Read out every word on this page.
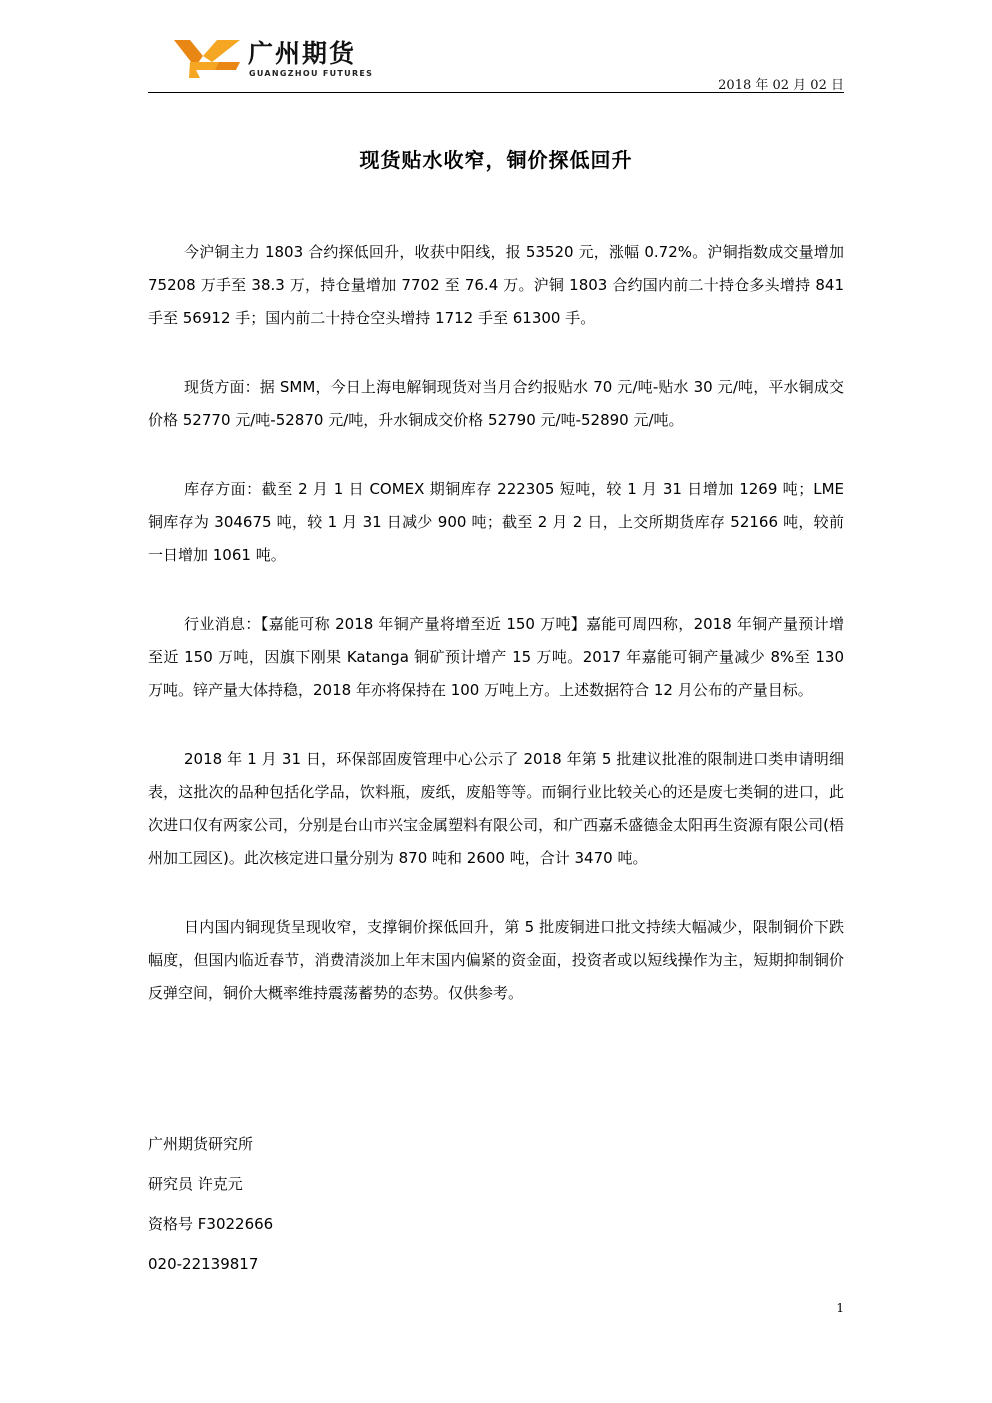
广州期货
GUANGZHOU FUTURES
2018 年 02 月 02 日
现货贴水收窄，铜价探低回升

今沪铜主力 1803 合约探低回升，收获中阳线，报 53520 元，涨幅 0.72%。沪铜指数成交量增加 75208 万手至 38.3 万，持仓量增加 7702 至 76.4 万。沪铜 1803 合约国内前二十持仓多头增持 841 手至 56912 手；国内前二十持仓空头增持 1712 手至 61300 手。

现货方面：据 SMM，今日上海电解铜现货对当月合约报贴水 70 元/吨-贴水 30 元/吨，平水铜成交价格 52770 元/吨-52870 元/吨，升水铜成交价格 52790 元/吨-52890 元/吨。

库存方面：截至 2 月 1 日 COMEX 期铜库存 222305 短吨，较 1 月 31 日增加 1269 吨；LME 铜库存为 304675 吨，较 1 月 31 日减少 900 吨；截至 2 月 2 日，上交所期货库存 52166 吨，较前一日增加 1061 吨。

行业消息：【嘉能可称 2018 年铜产量将增至近 150 万吨】嘉能可周四称，2018 年铜产量预计增至近 150 万吨，因旗下刚果 Katanga 铜矿预计增产 15 万吨。2017 年嘉能可铜产量减少 8%至 130 万吨。锌产量大体持稳，2018 年亦将保持在 100 万吨上方。上述数据符合 12 月公布的产量目标。

2018 年 1 月 31 日，环保部固废管理中心公示了 2018 年第 5 批建议批准的限制进口类申请明细表，这批次的品种包括化学品，饮料瓶，废纸，废船等等。而铜行业比较关心的还是废七类铜的进口，此次进口仅有两家公司，分别是台山市兴宝金属塑料有限公司，和广西嘉禾盛德金太阳再生资源有限公司(梧州加工园区)。此次核定进口量分别为 870 吨和 2600 吨，合计 3470 吨。

日内国内铜现货呈现收窄，支撑铜价探低回升，第 5 批废铜进口批文持续大幅减少，限制铜价下跌幅度，但国内临近春节，消费清淡加上年末国内偏紧的资金面，投资者或以短线操作为主，短期抑制铜价反弹空间，铜价大概率维持震荡蓄势的态势。仅供参考。

广州期货研究所
研究员 许克元
资格号 F3022666
020-22139817
1
